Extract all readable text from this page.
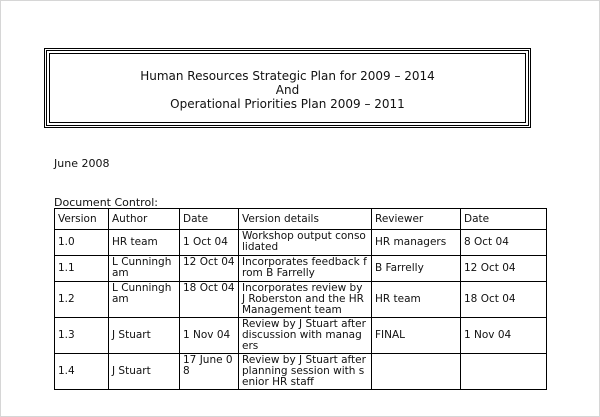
Human Resources Strategic Plan for 2009 – 2014
And
Operational Priorities Plan 2009 – 2011
June 2008
Document Control:
Version	Author	Date	Version details	Reviewer	Date
1.0	HR team	1 Oct 04	Workshop output consolidated	HR managers	8 Oct 04
1.1	L Cunningham	12 Oct 04	Incorporates feedback from B Farrelly	B Farrelly	12 Oct 04
1.2	L Cunningham	18 Oct 04	Incorporates review by J Roberston and the HR Management team	HR team	18 Oct 04
1.3	J Stuart	1 Nov 04	Review by J Stuart after discussion with managers	FINAL	1 Nov 04
1.4	J Stuart	17 June 08	Review by J Stuart after planning session with senior HR staff		
